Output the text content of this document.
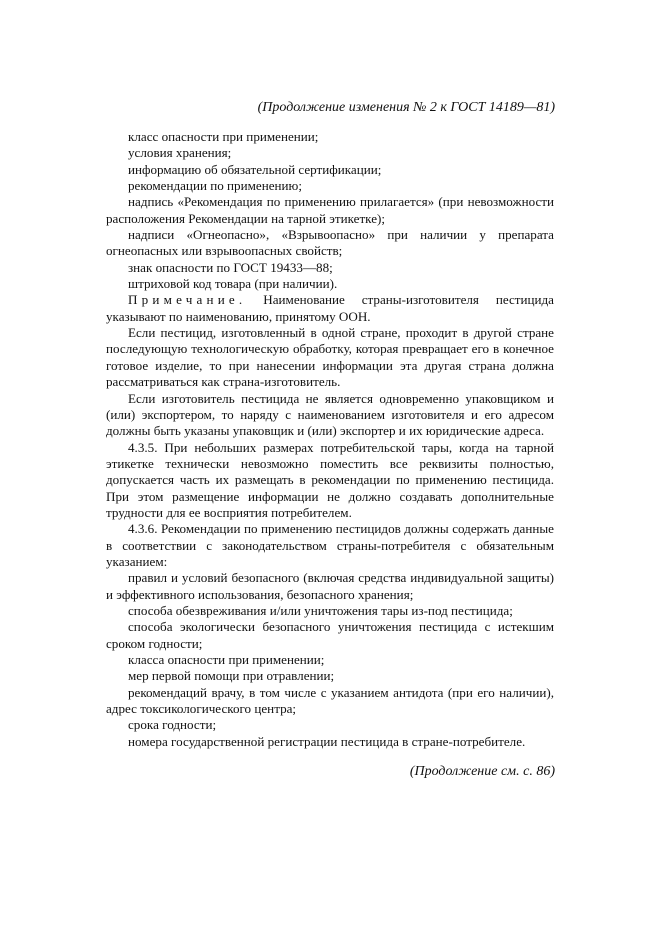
(Продолжение изменения № 2 к ГОСТ 14189—81)

класс опасности при применении;

условия хранения;

информацию об обязательной сертификации;

рекомендации по применению;

надпись «Рекомендация по применению прилагается» (при невозможности расположения Рекомендации на тарной этикетке);

надписи «Огнеопасно», «Взрывоопасно» при наличии у препарата огнеопасных или взрывоопасных свойств;

знак опасности по ГОСТ 19433—88;

штриховой код товара (при наличии).

Примечание. Наименование страны-изготовителя пестицида указывают по наименованию, принятому ООН.

Если пестицид, изготовленный в одной стране, проходит в другой стране последующую технологическую обработку, которая превращает его в конечное готовое изделие, то при нанесении информации эта другая страна должна рассматриваться как страна-изготовитель.

Если изготовитель пестицида не является одновременно упаковщиком и (или) экспортером, то наряду с наименованием изготовителя и его адресом должны быть указаны упаковщик и (или) экспортер и их юридические адреса.

4.3.5. При небольших размерах потребительской тары, когда на тарной этикетке технически невозможно поместить все реквизиты полностью, допускается часть их размещать в рекомендации по применению пестицида. При этом размещение информации не должно создавать дополнительные трудности для ее восприятия потребителем.

4.3.6. Рекомендации по применению пестицидов должны содержать данные в соответствии с законодательством страны-потребителя с обязательным указанием:

правил и условий безопасного (включая средства индивидуальной защиты) и эффективного использования, безопасного хранения;

способа обезвреживания и/или уничтожения тары из-под пестицида;

способа экологически безопасного уничтожения пестицида с истекшим сроком годности;

класса опасности при применении;

мер первой помощи при отравлении;

рекомендаций врачу, в том числе с указанием антидота (при его наличии), адрес токсикологического центра;

срока годности;

номера государственной регистрации пестицида в стране-потребителе.

(Продолжение см. с. 86)
